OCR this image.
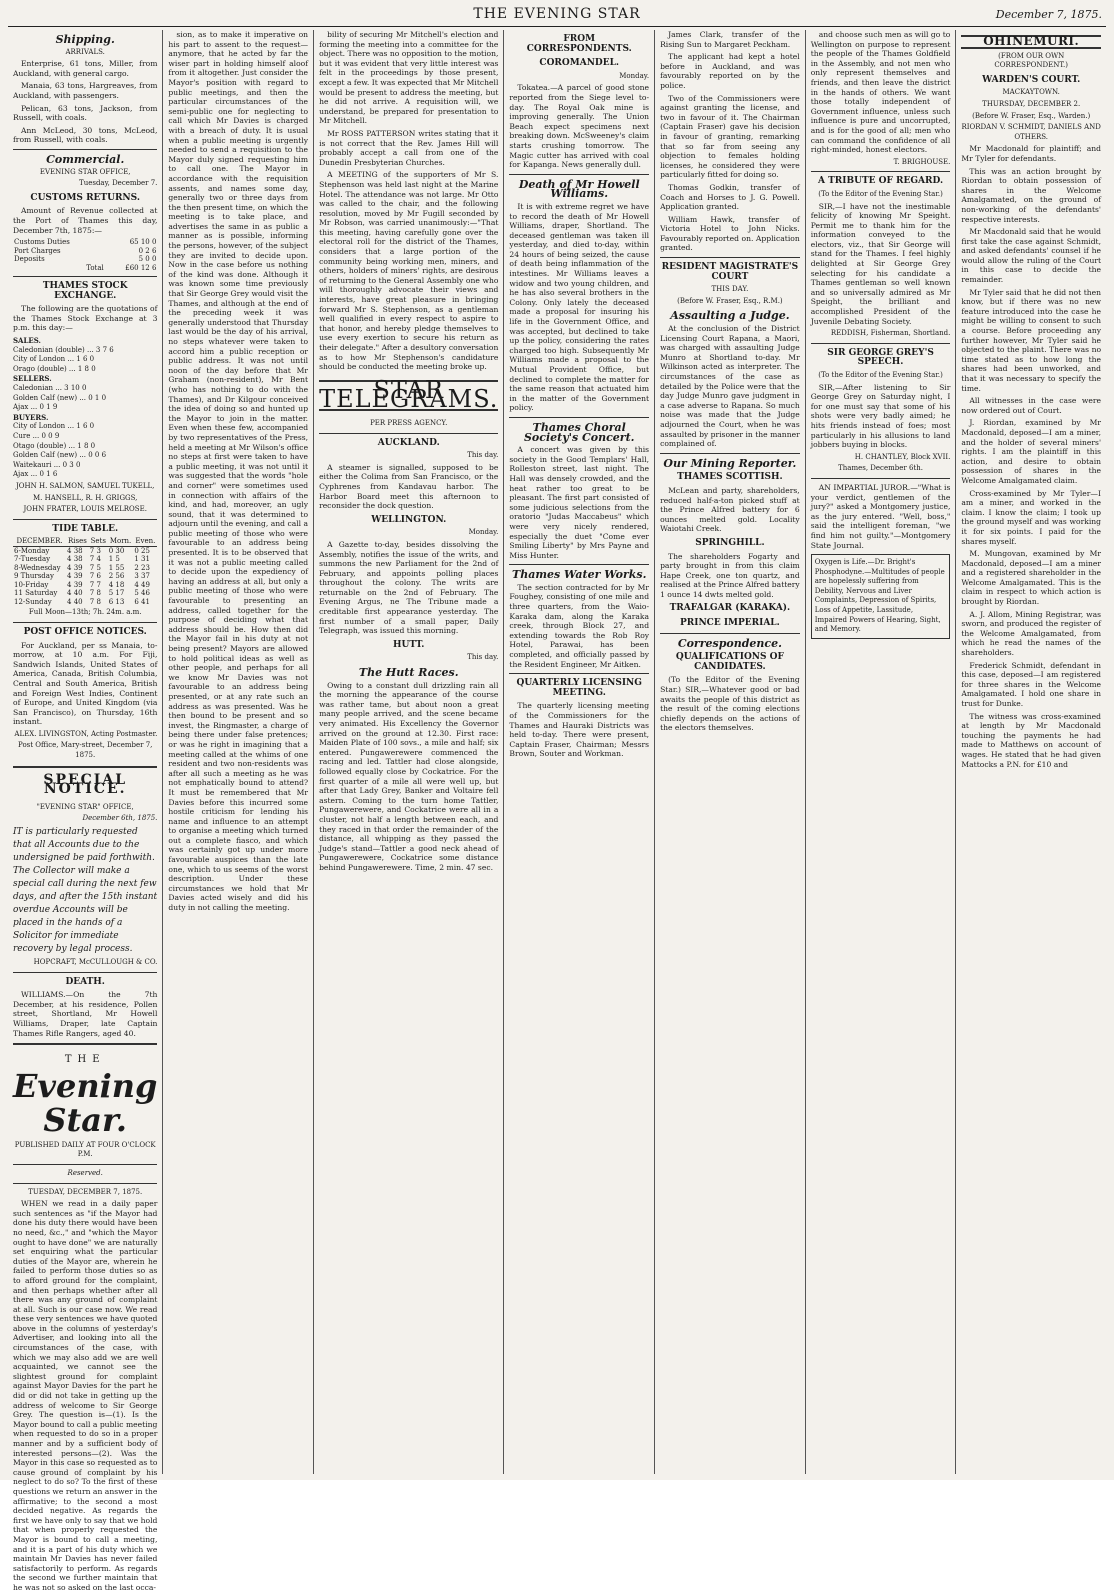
THE EVENING STAR	December 7, 1875.
Shipping.
ARRIVALS.

Enterprise, 61 tons, Miller, from Auckland, with general cargo.

Manaia, 63 tons, Hargreaves, from Auckland, with passengers.

Pelican, 63 tons, Jackson, from Russell, with coals.

Ann McLeod, 30 tons, McLeod, from Russell, with coals.

Commercial.
EVENING STAR OFFICE,
Tuesday, December 7.
CUSTOMS RETURNS.

Amount of Revenue collected at the Port of Thames this day, December 7th, 1875:—

Customs Duties	65 10 0
Port Charges	0 2 6
Deposits	5 0 0
Total	£60 12 6
THAMES STOCK EXCHANGE.

The following are the quotations of the Thames Stock Exchange at 3 p.m. this day:—

SALES.
Caledonian (double) ... 3 7 6
City of London ... 1 6 0
Orago (double) ... 1 8 0
SELLERS.
Caledonian ... 3 10 0
Golden Calf (new) ... 0 1 0
Ajax ... 0 1 9
BUYERS.
City of London ... 1 6 0
Cure ... 0 0 9
Otago (double) ... 1 8 0
Golden Calf (new) ... 0 0 6
Waitekauri ... 0 3 0
Ajax ... 0 1 6
JOHN H. SALMON, SAMUEL TUKELL,
M. HANSELL, R. H. GRIGGS,
JOHN FRATER, LOUIS MELROSE.
TIDE TABLE.
DECEMBER.	Rises	Sets	Morn.	Even.
6-Monday	4 38	7 3	0 30	0 25
7-Tuesday	4 38	7 4	1 5	1 31
8-Wednesday	4 39	7 5	1 55	2 23
9 Thursday	4 39	7 6	2 56	3 37
10-Friday	4 39	7 7	4 18	4 49
11 Saturday	4 40	7 8	5 17	5 46
12-Sunday	4 40	7 8	6 13	6 41
Full Moon—13th; 7h. 24m. a.m.
POST OFFICE NOTICES.

For Auckland, per ss Manaia, to-morrow, at 10 a.m. For Fiji, Sandwich Islands, United States of America, Canada, British Columbia, Central and South America, British and Foreign West Indies, Continent of Europe, and United Kingdom (via San Francisco), on Thursday, 16th instant.

ALEX. LIVINGSTON, Acting Postmaster.
Post Office, Mary-street, December 7, 1875.
SPECIAL NOTICE.
"EVENING STAR" OFFICE,
December 6th, 1875.
IT is particularly requested that all Accounts due to the undersigned be paid forthwith. The Collector will make a special call during the next few days, and after the 15th instant overdue Accounts will be placed in the hands of a Solicitor for immediate recovery by legal process.
HOPCRAFT, McCULLOUGH & CO.
DEATH.

WILLIAMS.—On the 7th December, at his residence, Pollen street, Shortland, Mr Howell Williams, Draper, late Captain Thames Rifle Rangers, aged 40.

THE
Evening Star.
PUBLISHED DAILY AT FOUR O'CLOCK P.M.
Reserved.
TUESDAY, DECEMBER 7, 1875.

WHEN we read in a daily paper such sentences as "if the Mayor had done his duty there would have been no need, &c.," and "which the Mayor ought to have done" we are naturally set enquiring what the particular duties of the Mayor are, wherein he failed to perform those duties so as to afford ground for the complaint, and then perhaps whether after all there was any ground of complaint at all. Such is our case now. We read these very sentences we have quoted above in the columns of yesterday's Advertiser, and looking into all the circumstances of the case, with which we may also add we are well acquainted, we cannot see the slightest ground for complaint against Mayor Davies for the part he did or did not take in getting up the address of welcome to Sir George Grey. The question is—(1). Is the Mayor bound to call a public meeting when requested to do so in a proper manner and by a sufficient body of interested persons—(2). Was the Mayor in this case so requested as to cause ground of complaint by his neglect to do so? To the first of these questions we return an answer in the affirmative; to the second a most decided negative. As regards the first we have only to say that we hold that when properly requested the Mayor is bound to call a meeting, and it is a part of his duty which we maintain Mr Davies has never failed satisfactorily to perform. As regards the second we further maintain that he was not so asked on the last occa-

sion, as to make it imperative on his part to assent to the request—anymore, that he acted by far the wiser part in holding himself aloof from it altogether. Just consider the Mayor's position with regard to public meetings, and then the particular circumstances of the semi-public one for neglecting to call which Mr Davies is charged with a breach of duty. It is usual when a public meeting is urgently needed to send a requisition to the Mayor duly signed requesting him to call one. The Mayor in accordance with the requisition assents, and names some day, generally two or three days from the then present time, on which the meeting is to take place, and advertises the same in as public a manner as is possible, informing the persons, however, of the subject they are invited to decide upon. Now in the case before us nothing of the kind was done. Although it was known some time previously that Sir George Grey would visit the Thames, and although at the end of the preceding week it was generally understood that Thursday last would be the day of his arrival, no steps whatever were taken to accord him a public reception or public address. It was not until noon of the day before that Mr Graham (non-resident), Mr Bent (who has nothing to do with the Thames), and Dr Kilgour conceived the idea of doing so and hunted up the Mayor to join in the matter. Even when these few, accompanied by two representatives of the Press, held a meeting at Mr Wilson's office no steps at first were taken to have a public meeting, it was not until it was suggested that the words "hole and corner" were sometimes used in connection with affairs of the kind, and had, moreover, an ugly sound, that it was determined to adjourn until the evening, and call a public meeting of those who were favourable to an address being presented. It is to be observed that it was not a public meeting called to decide upon the expediency of having an address at all, but only a public meeting of those who were favourable to presenting an address, called together for the purpose of deciding what that address should be. How then did the Mayor fail in his duty at not being present? Mayors are allowed to hold political ideas as well as other people, and perhaps for all we know Mr Davies was not favourable to an address being presented, or at any rate such an address as was presented. Was he then bound to be present and so invest, the Ringmaster, a charge of being there under false pretences; or was he right in imagining that a meeting called at the whims of one resident and two non-residents was after all such a meeting as he was not emphatically bound to attend? It must be remembered that Mr Davies before this incurred some hostile criticism for lending his name and influence to an attempt to organise a meeting which turned out a complete fiasco, and which was certainly got up under more favourable auspices than the late one, which to us seems of the worst description. Under these circumstances we hold that Mr Davies acted wisely and did his duty in not calling the meeting.

bility of securing Mr Mitchell's election and forming the meeting into a committee for the object. There was no opposition to the motion, but it was evident that very little interest was felt in the proceedings by those present, except a few. It was expected that Mr Mitchell would be present to address the meeting, but he did not arrive. A requisition will, we understand, be prepared for presentation to Mr Mitchell.

Mr ROSS PATTERSON writes stating that it is not correct that the Rev. James Hill will probably accept a call from one of the Dunedin Presbyterian Churches.

A MEETING of the supporters of Mr S. Stephenson was held last night at the Marine Hotel. The attendance was not large. Mr Otto was called to the chair, and the following resolution, moved by Mr Fugill seconded by Mr Robson, was carried unanimously:—"That this meeting, having carefully gone over the electoral roll for the district of the Thames, considers that a large portion of the community being working men, miners, and others, holders of miners' rights, are desirous of returning to the General Assembly one who will thoroughly advocate their views and interests, have great pleasure in bringing forward Mr S. Stephenson, as a gentleman well qualified in every respect to aspire to that honor, and hereby pledge themselves to use every exertion to secure his return as their delegate." After a desultory conversation as to how Mr Stephenson's candidature should be conducted the meeting broke up.

STAR TELEGRAMS.
PER PRESS AGENCY.
AUCKLAND.
This day.

A steamer is signalled, supposed to be either the Colima from San Francisco, or the Cyphrenes from Kandavau harbor. The Harbor Board meet this afternoon to reconsider the dock question.

WELLINGTON.
Monday.

A Gazette to-day, besides dissolving the Assembly, notifies the issue of the writs, and summons the new Parliament for the 2nd of February, and appoints polling places throughout the colony. The writs are returnable on the 2nd of February. The Evening Argus, ne The Tribune made a creditable first appearance yesterday. The first number of a small paper, Daily Telegraph, was issued this morning.

HUTT.
This day.
The Hutt Races.

Owing to a constant dull drizzling rain all the morning the appearance of the course was rather tame, but about noon a great many people arrived, and the scene became very animated. His Excellency the Governor arrived on the ground at 12.30. First race: Maiden Plate of 100 sovs., a mile and half; six entered. Pungawerewere commenced the racing and led. Tattler had close alongside, followed equally close by Cockatrice. For the first quarter of a mile all were well up, but after that Lady Grey, Banker and Voltaire fell astern. Coming to the turn home Tattler, Pungawerewere, and Cockatrice were all in a cluster, not half a length between each, and they raced in that order the remainder of the distance, all whipping as they passed the Judge's stand—Tattler a good neck ahead of Pungawerewere, Cockatrice some distance behind Pungawerewere. Time, 2 min. 47 sec.

FROM CORRESPONDENTS.
COROMANDEL.
Monday.

Tokatea.—A parcel of good stone reported from the Siege level to-day. The Royal Oak mine is improving generally. The Union Beach expect specimens next breaking down. McSweeney's claim starts crushing tomorrow. The Magic cutter has arrived with coal for Kapanga. News generally dull.

Death of Mr Howell Williams.

It is with extreme regret we have to record the death of Mr Howell Williams, draper, Shortland. The deceased gentleman was taken ill yesterday, and died to-day, within 24 hours of being seized, the cause of death being inflammation of the intestines. Mr Williams leaves a widow and two young children, and he has also several brothers in the Colony. Only lately the deceased made a proposal for insuring his life in the Government Office, and was accepted, but declined to take up the policy, considering the rates charged too high. Subsequently Mr Williams made a proposal to the Mutual Provident Office, but declined to complete the matter for the same reason that actuated him in the matter of the Government policy.

Thames Choral Society's Concert.

A concert was given by this society in the Good Templars' Hall, Rolleston street, last night. The Hall was densely crowded, and the heat rather too great to be pleasant. The first part consisted of some judicious selections from the oratorio "Judas Maccabeus" which were very nicely rendered, especially the duet "Come ever Smiling Liberty" by Mrs Payne and Miss Hunter.

Thames Water Works.

The section contracted for by Mr Foughey, consisting of one mile and three quarters, from the Waio-Karaka dam, along the Karaka creek, through Block 27, and extending towards the Rob Roy Hotel, Parawai, has been completed, and officially passed by the Resident Engineer, Mr Aitken.

QUARTERLY LICENSING MEETING.

The quarterly licensing meeting of the Commissioners for the Thames and Hauraki Districts was held to-day. There were present, Captain Fraser, Chairman; Messrs Brown, Souter and Workman.

James Clark, transfer of the Rising Sun to Margaret Peckham.

The applicant had kept a hotel before in Auckland, and was favourably reported on by the police.

Two of the Commissioners were against granting the license, and two in favour of it. The Chairman (Captain Fraser) gave his decision in favour of granting, remarking that so far from seeing any objection to females holding licenses, he considered they were particularly fitted for doing so.

Thomas Godkin, transfer of Coach and Horses to J. G. Powell. Application granted.

William Hawk, transfer of Victoria Hotel to John Nicks. Favourably reported on. Application granted.

RESIDENT MAGISTRATE'S COURT
THIS DAY.
(Before W. Fraser, Esq., R.M.)
Assaulting a Judge.

At the conclusion of the District Licensing Court Rapana, a Maori, was charged with assaulting Judge Munro at Shortland to-day. Mr Wilkinson acted as interpreter. The circumstances of the case as detailed by the Police were that the day Judge Munro gave judgment in a case adverse to Rapana. So much noise was made that the Judge adjourned the Court, when he was assaulted by prisoner in the manner complained of.

Our Mining Reporter.
THAMES SCOTTISH.

McLean and party, shareholders, reduced half-a-ton picked stuff at the Prince Alfred battery for 6 ounces melted gold. Locality Waiotahi Creek.

SPRINGHILL.

The shareholders Fogarty and party brought in from this claim Hape Creek, one ton quartz, and realised at the Prince Alfred battery 1 ounce 14 dwts melted gold.

TRAFALGAR (KARAKA).
PRINCE IMPERIAL.
Correspondence.
QUALIFICATIONS OF CANDIDATES.

(To the Editor of the Evening Star.) SIR,—Whatever good or bad awaits the people of this district as the result of the coming elections chiefly depends on the actions of the electors themselves.

and choose such men as will go to Wellington on purpose to represent the people of the Thames Goldfield in the Assembly, and not men who only represent themselves and friends, and then leave the district in the hands of others. We want those totally independent of Government influence, unless such influence is pure and uncorrupted, and is for the good of all; men who can command the confidence of all right-minded, honest electors.

T. BRIGHOUSE.
A TRIBUTE OF REGARD.
(To the Editor of the Evening Star.)

SIR,—I have not the inestimable felicity of knowing Mr Speight. Permit me to thank him for the information conveyed to the electors, viz., that Sir George will stand for the Thames. I feel highly delighted at Sir George Grey selecting for his candidate a Thames gentleman so well known and so universally admired as Mr Speight, the brilliant and accomplished President of the Juvenile Debating Society.

REDDISH, Fisherman, Shortland.
SIR GEORGE GREY'S SPEECH.
(To the Editor of the Evening Star.)

SIR,—After listening to Sir George Grey on Saturday night, I for one must say that some of his shots were very badly aimed; he hits friends instead of foes; most particularly in his allusions to land jobbers buying in blocks.

H. CHANTLEY, Block XVII.
Thames, December 6th.

AN IMPARTIAL JUROR.—"What is your verdict, gentlemen of the jury?" asked a Montgomery justice, as the jury entered. "Well, boss," said the intelligent foreman, "we find him not guilty."—Montgomery State Journal.

Oxygen is Life.—Dr. Bright's Phosphodyne.—Multitudes of people are hopelessly suffering from Debility, Nervous and Liver Complaints, Depression of Spirits, Loss of Appetite, Lassitude, Impaired Powers of Hearing, Sight, and Memory.
OHINEMURI.
(FROM OUR OWN CORRESPONDENT.)
WARDEN'S COURT.
MACKAYTOWN.
THURSDAY, DECEMBER 2.
(Before W. Fraser, Esq., Warden.)
RIORDAN V. SCHMIDT, DANIELS AND OTHERS.

Mr Macdonald for plaintiff; and Mr Tyler for defendants.

This was an action brought by Riordan to obtain possession of shares in the Welcome Amalgamated, on the ground of non-working of the defendants' respective interests.

Mr Macdonald said that he would first take the case against Schmidt, and asked defendants' counsel if he would allow the ruling of the Court in this case to decide the remainder.

Mr Tyler said that he did not then know, but if there was no new feature introduced into the case he might be willing to consent to such a course. Before proceeding any further however, Mr Tyler said he objected to the plaint. There was no time stated as to how long the shares had been unworked, and that it was necessary to specify the time.

All witnesses in the case were now ordered out of Court.

J. Riordan, examined by Mr Macdonald, deposed—I am a miner, and the holder of several miners' rights. I am the plaintiff in this action, and desire to obtain possession of shares in the Welcome Amalgamated claim.

Cross-examined by Mr Tyler—I am a miner, and worked in the claim. I know the claim; I took up the ground myself and was working it for six points. I paid for the shares myself.

M. Mungovan, examined by Mr Macdonald, deposed—I am a miner and a registered shareholder in the Welcome Amalgamated. This is the claim in respect to which action is brought by Riordan.

A. J. Allom, Mining Registrar, was sworn, and produced the register of the Welcome Amalgamated, from which he read the names of the shareholders.

Frederick Schmidt, defendant in this case, deposed—I am registered for three shares in the Welcome Amalgamated. I hold one share in trust for Dunke.

The witness was cross-examined at length by Mr Macdonald touching the payments he had made to Matthews on account of wages. He stated that he had given Mattocks a P.N. for £10 and
